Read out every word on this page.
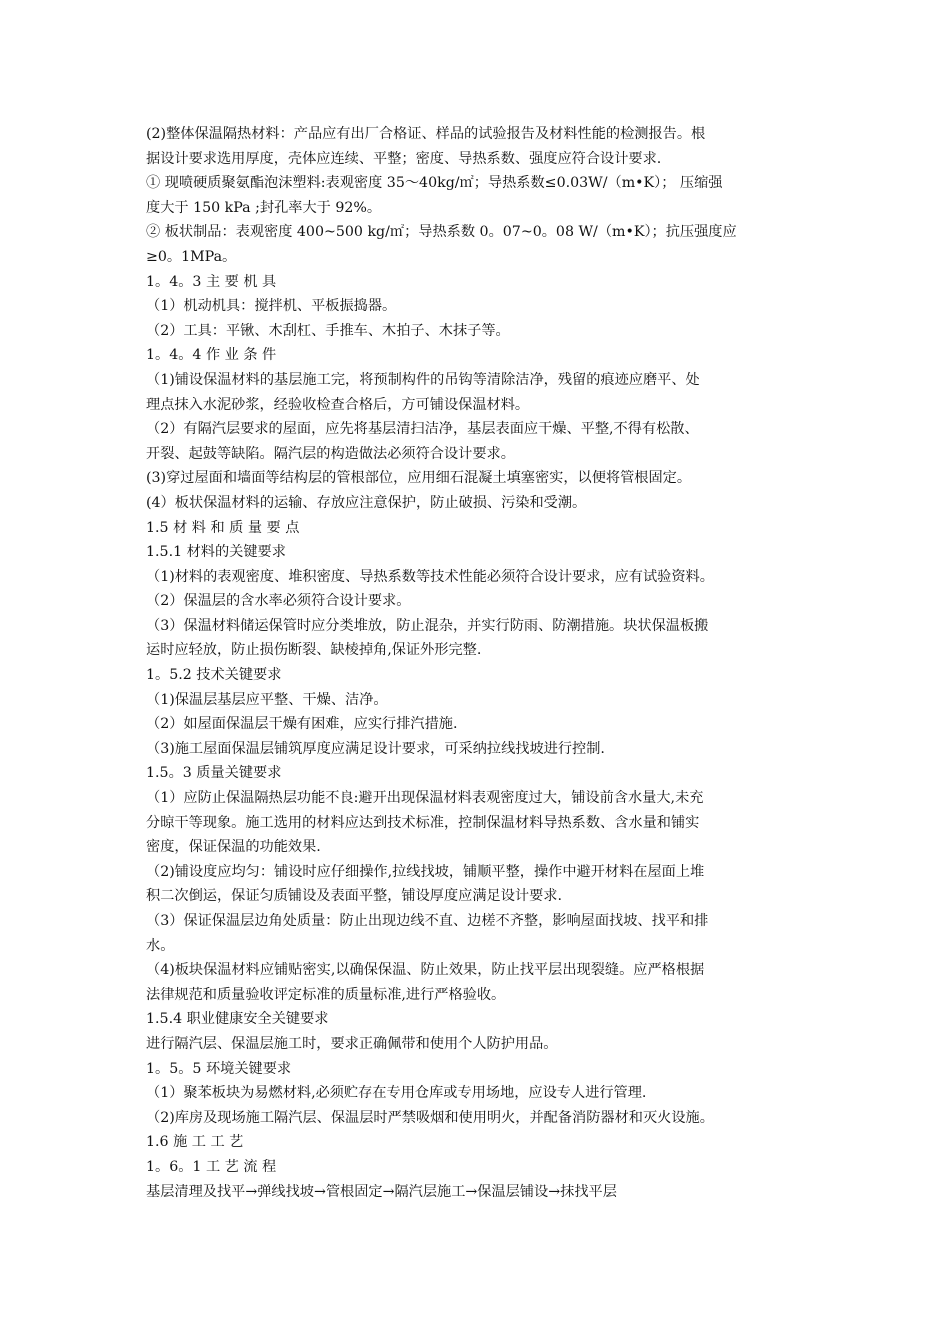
(2)整体保温隔热材料：产品应有出厂合格证、样品的试验报告及材料性能的检测报告。根
据设计要求选用厚度，壳体应连续、平整；密度、导热系数、强度应符合设计要求.
① 现喷硬质聚氨酯泡沫塑料:表观密度 35～40kg/㎡；导热系数≤0.03W/（m•K）； 压缩强
度大于 150 kPa ;封孔率大于 92%。
② 板状制品：表观密度 400~500 kg/㎡；导热系数 0。07~0。08 W/（m•K）；抗压强度应
≥0。1MPa。
1。4。3 主 要 机 具
（1）机动机具：搅拌机、平板振捣器。
（2）工具：平锹、木刮杠、手推车、木拍子、木抹子等。
1。4。4 作 业 条 件
（1)铺设保温材料的基层施工完，将预制构件的吊钩等清除洁净，残留的痕迹应磨平、处
理点抹入水泥砂浆，经验收检查合格后，方可铺设保温材料。
（2）有隔汽层要求的屋面，应先将基层清扫洁净，基层表面应干燥、平整,不得有松散、
开裂、起鼓等缺陷。隔汽层的构造做法必须符合设计要求。
(3)穿过屋面和墙面等结构层的管根部位，应用细石混凝土填塞密实，以便将管根固定。
(4）板状保温材料的运输、存放应注意保护，防止破损、污染和受潮。
1.5 材 料 和 质 量 要 点
1.5.1 材料的关键要求
（1)材料的表观密度、堆积密度、导热系数等技术性能必须符合设计要求，应有试验资料。
（2）保温层的含水率必须符合设计要求。
（3）保温材料储运保管时应分类堆放，防止混杂，并实行防雨、防潮措施。块状保温板搬
运时应轻放，防止损伤断裂、缺棱掉角,保证外形完整.
1。5.2 技术关键要求
（1)保温层基层应平整、干燥、洁净。
（2）如屋面保温层干燥有困难，应实行排汽措施.
（3)施工屋面保温层铺筑厚度应满足设计要求，可采纳拉线找坡进行控制.
1.5。3 质量关键要求
（1）应防止保温隔热层功能不良:避开出现保温材料表观密度过大，铺设前含水量大,未充
分晾干等现象。施工选用的材料应达到技术标准，控制保温材料导热系数、含水量和铺实
密度，保证保温的功能效果.
（2)铺设度应均匀：铺设时应仔细操作,拉线找坡，铺顺平整，操作中避开材料在屋面上堆
积二次倒运，保证匀质铺设及表面平整，铺设厚度应满足设计要求.
（3）保证保温层边角处质量：防止出现边线不直、边槎不齐整，影响屋面找坡、找平和排
水。
（4)板块保温材料应铺贴密实,以确保保温、防止效果，防止找平层出现裂缝。应严格根据
法律规范和质量验收评定标准的质量标准,进行严格验收。
1.5.4 职业健康安全关键要求
进行隔汽层、保温层施工时，要求正确佩带和使用个人防护用品。
1。5。5 环境关键要求
（1）聚苯板块为易燃材料,必须贮存在专用仓库或专用场地，应设专人进行管理.
（2)库房及现场施工隔汽层、保温层时严禁吸烟和使用明火，并配备消防器材和灭火设施。
1.6 施 工 工 艺
1。6。1 工 艺 流 程
基层清理及找平→弹线找坡→管根固定→隔汽层施工→保温层铺设→抹找平层
